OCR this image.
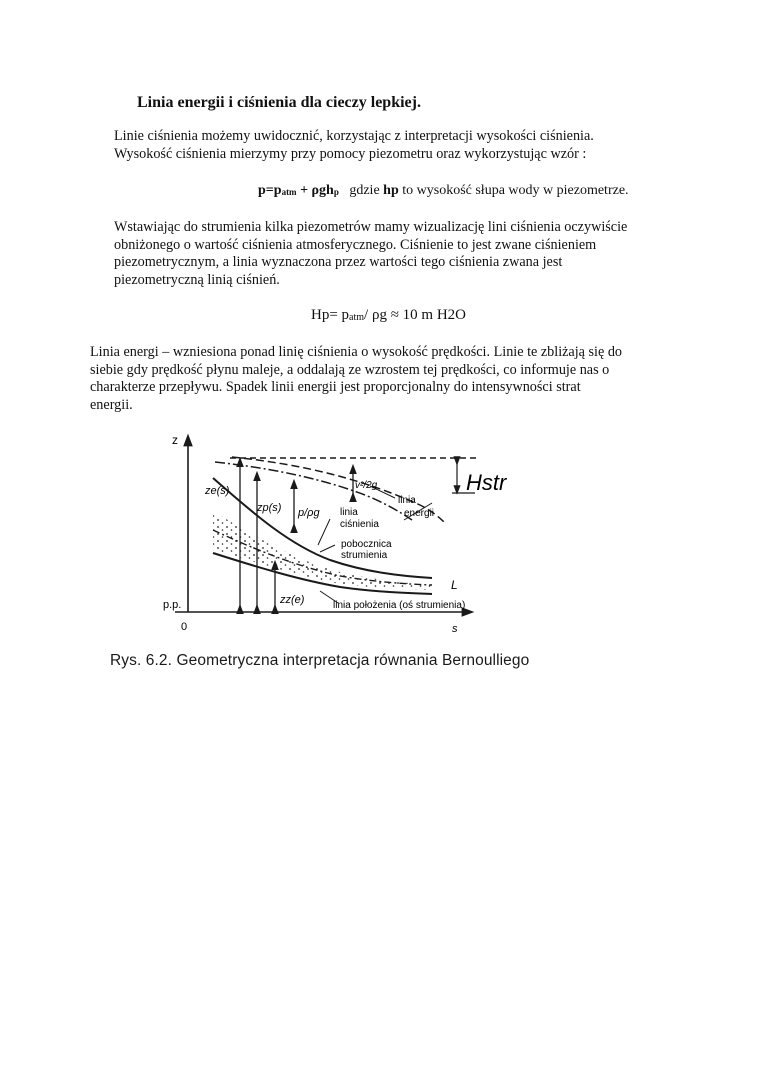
Linia energii i ciśnienia dla cieczy lepkiej.

Linie ciśnienia możemy uwidocznić, korzystając z interpretacji wysokości ciśnienia.

Wysokość ciśnienia mierzymy przy pomocy piezometru oraz wykorzystując wzór :

$p=p_{atm} + \rho gh_p$ gdzie hp to wysokość słupa wody w piezometrze.

Wstawiając do strumienia kilka piezometrów mamy wizualizację lini ciśnienia oczywiście

obniżonego o wartość ciśnienia atmosferycznego. Ciśnienie to jest zwane ciśnieniem

piezometrycznym, a linia wyznaczona przez wartości tego ciśnienia zwana jest

piezometryczną linią ciśnień.

$Hp= p_{atm}/$ ρg ≈ 10 m H2O

Linia energi – wzniesiona ponad linię ciśnienia o wysokość prędkości. Linie te zbliżają się do

siebie gdy prędkość płynu maleje, a oddalają ze wzrostem tej prędkości, co informuje nas o

charakterze przepływu. Spadek linii energii jest proporcjonalny do intensywności strat

energii.

z
s
0
p.p.
ze(s)
zp(s) p/ρg
v²/2g	Hstr
L
zz(e)
linia
energii
linia
ciśnienia
pobocznica
strumienia
linia położenia (oś strumienia)
Rys. 6.2. Geometryczna interpretacja równania Bernoulliego
